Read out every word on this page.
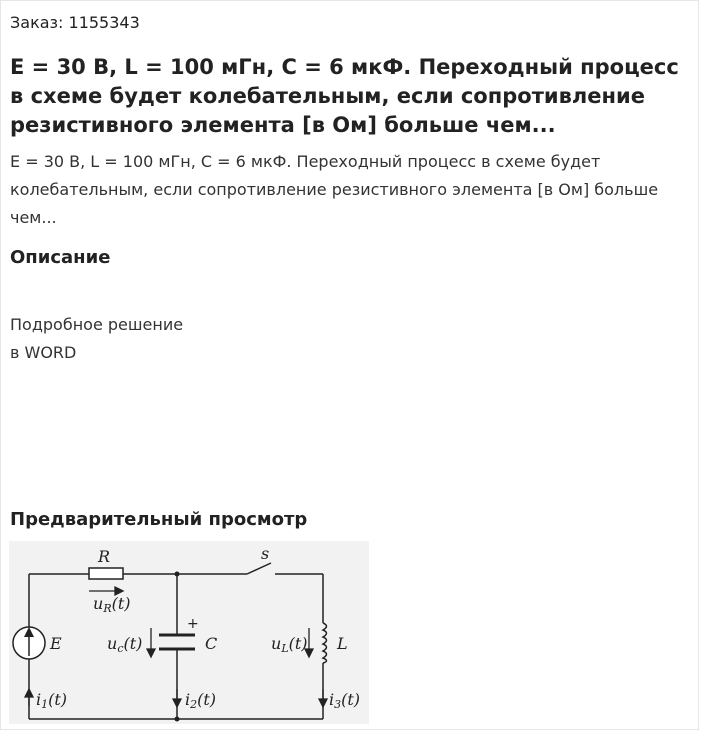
Заказ: 1155343
E = 30 В, L = 100 мГн, C = 6 мкФ. Переходный процесс в схеме будет колебательным, если сопротивление резистивного элемента [в Ом] больше чем...
E = 30 В, L = 100 мГн, C = 6 мкФ. Переходный процесс в схеме будет колебательным, если сопротивление резистивного элемента [в Ом] больше чем...
Описание
Подробное решение
в WORD
Предварительный просмотр
R	s
E	C	L
+
uR(t)
uc(t)	uL(t)
i1(t)	i2(t)	i3(t)
